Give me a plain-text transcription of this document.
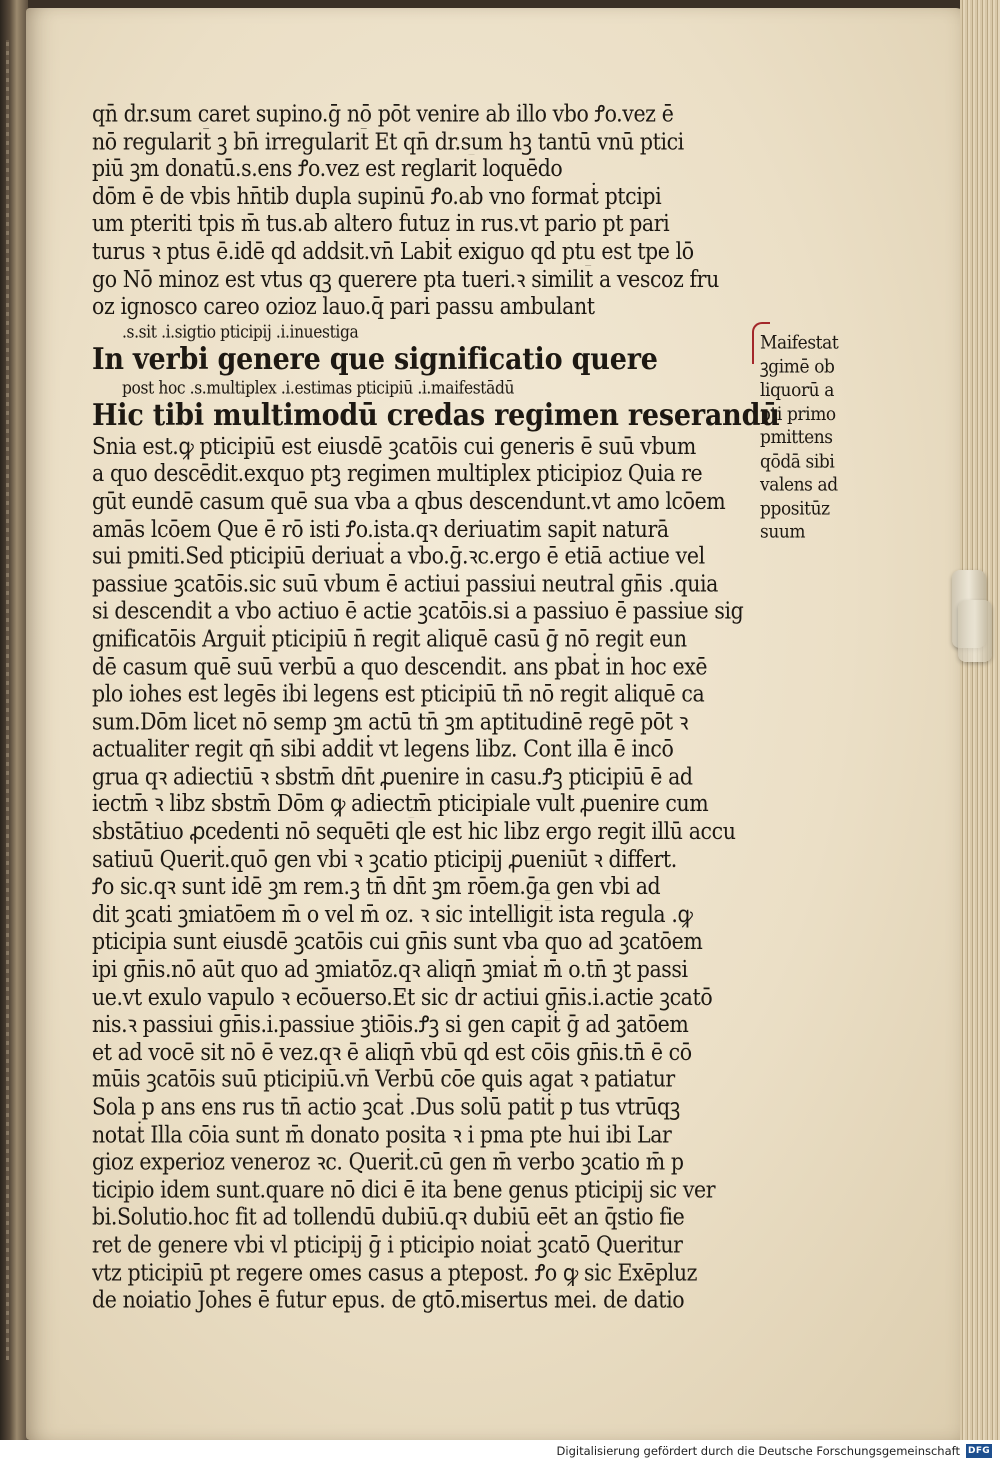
qn̄ dr.sum caret supino.ḡ nō pōt venire ab illo vbo Ꝭo.vez ē
nō regularit̄ ꝫ bn̄ irregularit̄ Et qn̄ dr.sum hꝫ tantū vnū ptici
piū ꝫm donatū.s.ens Ꝭo.vez est reglarit̄ loquēdo
dōm ē de vbis hn̄tib dupla supinū Ꝭo.ab vno formaṫ ptcipi
um pteriti tpis m̄ tus.ab altero futuz in rus.vt pario pt pari
turus ꝛ ptus ē.idē qd addsit.vn̄ Labiṫ exiguo qd ptu est tpe lō
go Nō minoz est vtus qꝫ querere pta tueri.ꝛ similit̄ a vescoz fru
oz ignosco careo ozioz lauo.q̄ pari passu ambulant
.s.sit .i.sigtio pticipij .i.inuestiga
In verbi genere que significatio quere
post hoc .s.multiplex .i.estimas pticipiū .i.maifestādū
Hic tibi multimodū credas regimen reserandū
Snia est.ꝙ pticipiū est eiusdē ꝫcatōis cui generis ē suū vbum
a quo descēdit.exquo ptꝫ regimen multiplex pticipioz Quia re
gūt eundē casum quē sua vba a qbus descendunt.vt amo lcōem
amās lcōem Que ē rō isti Ꝭo.ista.qꝛ deriuatim sapit naturā
sui pmiti.Sed pticipiū deriuaṫ a vbo.ḡ.ꝛc.ergo ē etiā actiue vel
passiue ꝫcatōis.sic suū vbum ē actiui passiui neutral gn̄is .quia
si descendit a vbo actiuo ē actie ꝫcatōis.si a passiuo ē passiue sig
gnificatōis Arguiṫ pticipiū n̄ regit aliquē casū ḡ nō regit eun
dē casum quē suū verbū a quo descendit. ans pbaṫ in hoc exē
plo iohes est legēs ibi legens est pticipiū tn̄ nō regit aliquē ca
sum.Dōm licet nō semp ꝫm actū tn̄ ꝫm aptitudinē regē pōt ꝛ
actualiter regit qn̄ sibi addiṫ vt legens libz. Cont illa ē incō
grua qꝛ adiectiū ꝛ sbstm̄ dn̄t ꝓuenire in casu.Ꝭꝫ pticipiū ē ad
iectm̄ ꝛ libz sbstm̄ Dōm ꝙ adiectm̄ pticipiale vult ꝓuenire cum
sbstātiuo ꝓcedenti nō sequēti ql̄e est hic libz ergo regit illū accu
satiuū Queriṫ.quō gen vbi ꝛ ꝫcatio pticipij ꝓueniūt ꝛ differt.
Ꝭo sic.qꝛ sunt idē ꝫm rem.ꝫ tn̄ dn̄t ꝫm rōem.ḡa gen vbi ad
dit ꝫcati ꝫmiatōem m̄ o vel m̄ oz. ꝛ sic intelligit̄ ista regula .ꝙ
pticipia sunt eiusdē ꝫcatōis cui gn̄is sunt vba quo ad ꝫcatōem
ipi gn̄is.nō aūt quo ad ꝫmiatōz.qꝛ aliqn̄ ꝫmiaṫ m̄ o.tn̄ ꝫt passi
ue.vt exulo vapulo ꝛ ecōuerso.Et sic dr actiui gn̄is.i.actie ꝫcatō
nis.ꝛ passiui gn̄is.i.passiue ꝫtiōis.Ꝭꝫ si gen capiṫ ḡ ad ꝫatōem
et ad vocē sit nō ē vez.qꝛ ē aliqn̄ vbū qd est cōis gn̄is.tn̄ ē cō
mūis ꝫcatōis suū pticipiū.vn̄ Verbū cōe ꝗuis agat ꝛ patiatur
Sola p ans ens rus tn̄ actio ꝫcaṫ .Dus solū patiṫ p tus vtrūqꝫ
notaṫ Illa cōia sunt m̄ donato posita ꝛ i pma pte hui ibi Lar
gioz experioz veneroz ꝛc. Queriṫ.cū gen m̄ verbo ꝫcatio m̄ p
ticipio idem sunt.quare nō dici ē ita bene genus pticipij sic ver
bi.Solutio.hoc fit ad tollendū dubiū.qꝛ dubiū eēt an q̄stio fie
ret de genere vbi vl pticipij ḡ i pticipio noiaṫ ꝫcatō Queritur
vtz pticipiū pt regere omes casus a ptepost. Ꝭo ꝙ sic Exēpluz
de noiatio Johes ē futur epus. de gtō.misertus mei. de datio
Maifestat
ꝫgimē ob
liquorū a
pti primo
pmittens
qōdā sibi
valens ad
ppositūz
suum
Digitalisierung gefördert durch die Deutsche Forschungsgemeinschaft DFG
